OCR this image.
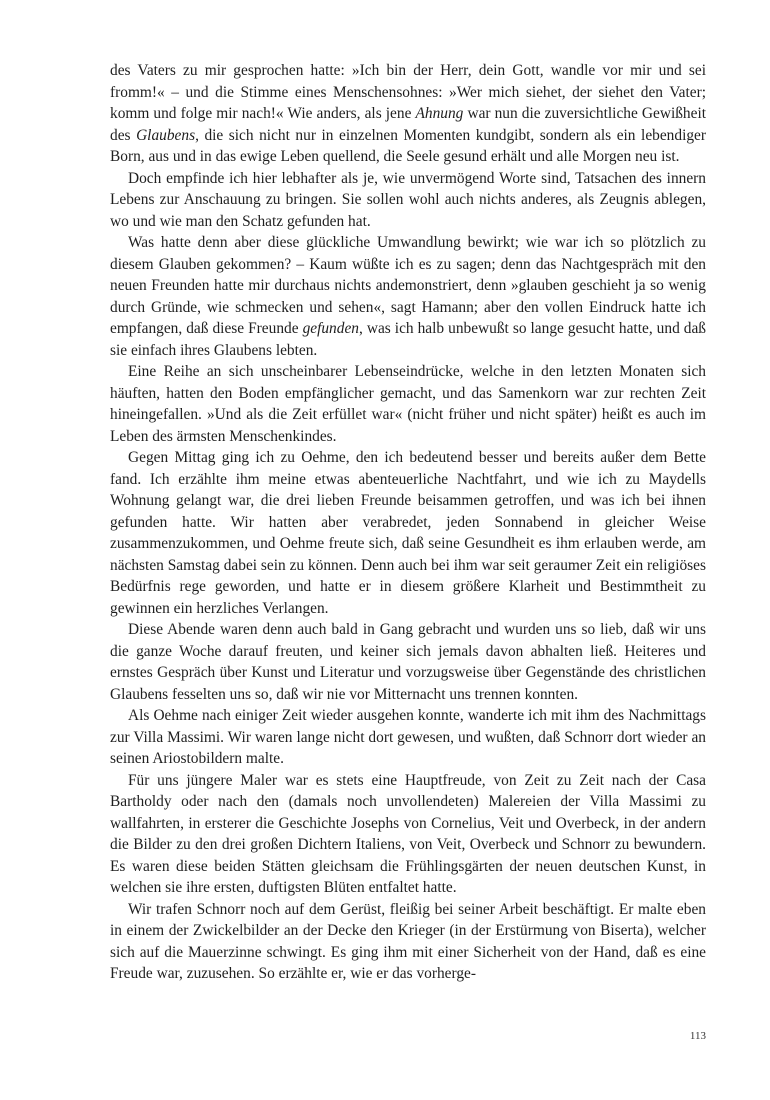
des Vaters zu mir gesprochen hatte: »Ich bin der Herr, dein Gott, wandle vor mir und sei fromm!« – und die Stimme eines Menschensohnes: »Wer mich siehet, der siehet den Vater; komm und folge mir nach!« Wie anders, als jene Ahnung war nun die zuversichtliche Gewißheit des Glaubens, die sich nicht nur in einzelnen Momenten kundgibt, sondern als ein lebendiger Born, aus und in das ewige Leben quellend, die Seele gesund erhält und alle Morgen neu ist.

Doch empfinde ich hier lebhafter als je, wie unvermögend Worte sind, Tatsachen des innern Lebens zur Anschauung zu bringen. Sie sollen wohl auch nichts anderes, als Zeugnis ablegen, wo und wie man den Schatz gefunden hat.

Was hatte denn aber diese glückliche Umwandlung bewirkt; wie war ich so plötzlich zu diesem Glauben gekommen? – Kaum wüßte ich es zu sagen; denn das Nachtgespräch mit den neuen Freunden hatte mir durchaus nichts andemonstriert, denn »glauben geschieht ja so wenig durch Gründe, wie schmecken und sehen«, sagt Hamann; aber den vollen Eindruck hatte ich empfangen, daß diese Freunde gefunden, was ich halb unbewußt so lange gesucht hatte, und daß sie einfach ihres Glaubens lebten.

Eine Reihe an sich unscheinbarer Lebenseindrücke, welche in den letzten Monaten sich häuften, hatten den Boden empfänglicher gemacht, und das Samenkorn war zur rechten Zeit hineingefallen. »Und als die Zeit erfüllet war« (nicht früher und nicht später) heißt es auch im Leben des ärmsten Menschenkindes.

Gegen Mittag ging ich zu Oehme, den ich bedeutend besser und bereits außer dem Bette fand. Ich erzählte ihm meine etwas abenteuerliche Nachtfahrt, und wie ich zu Maydells Wohnung gelangt war, die drei lieben Freunde beisammen getroffen, und was ich bei ihnen gefunden hatte. Wir hatten aber verabredet, jeden Sonnabend in gleicher Weise zusammenzukommen, und Oehme freute sich, daß seine Gesundheit es ihm erlauben werde, am nächsten Samstag dabei sein zu können. Denn auch bei ihm war seit geraumer Zeit ein religiöses Bedürfnis rege geworden, und hatte er in diesem größere Klarheit und Bestimmtheit zu gewinnen ein herzliches Verlangen.

Diese Abende waren denn auch bald in Gang gebracht und wurden uns so lieb, daß wir uns die ganze Woche darauf freuten, und keiner sich jemals davon abhalten ließ. Heiteres und ernstes Gespräch über Kunst und Literatur und vorzugsweise über Gegenstände des christlichen Glaubens fesselten uns so, daß wir nie vor Mitternacht uns trennen konnten.

Als Oehme nach einiger Zeit wieder ausgehen konnte, wanderte ich mit ihm des Nachmittags zur Villa Massimi. Wir waren lange nicht dort gewesen, und wußten, daß Schnorr dort wieder an seinen Ariostobildern malte.

Für uns jüngere Maler war es stets eine Hauptfreude, von Zeit zu Zeit nach der Casa Bartholdy oder nach den (damals noch unvollendeten) Malereien der Villa Massimi zu wallfahrten, in ersterer die Geschichte Josephs von Cornelius, Veit und Overbeck, in der andern die Bilder zu den drei großen Dichtern Italiens, von Veit, Overbeck und Schnorr zu bewundern. Es waren diese beiden Stätten gleichsam die Frühlingsgärten der neuen deutschen Kunst, in welchen sie ihre ersten, duftigsten Blüten entfaltet hatte.

Wir trafen Schnorr noch auf dem Gerüst, fleißig bei seiner Arbeit beschäftigt. Er malte eben in einem der Zwickelbilder an der Decke den Krieger (in der Erstürmung von Biserta), welcher sich auf die Mauerzinne schwingt. Es ging ihm mit einer Sicherheit von der Hand, daß es eine Freude war, zuzusehen. So erzählte er, wie er das vorherge-

113
